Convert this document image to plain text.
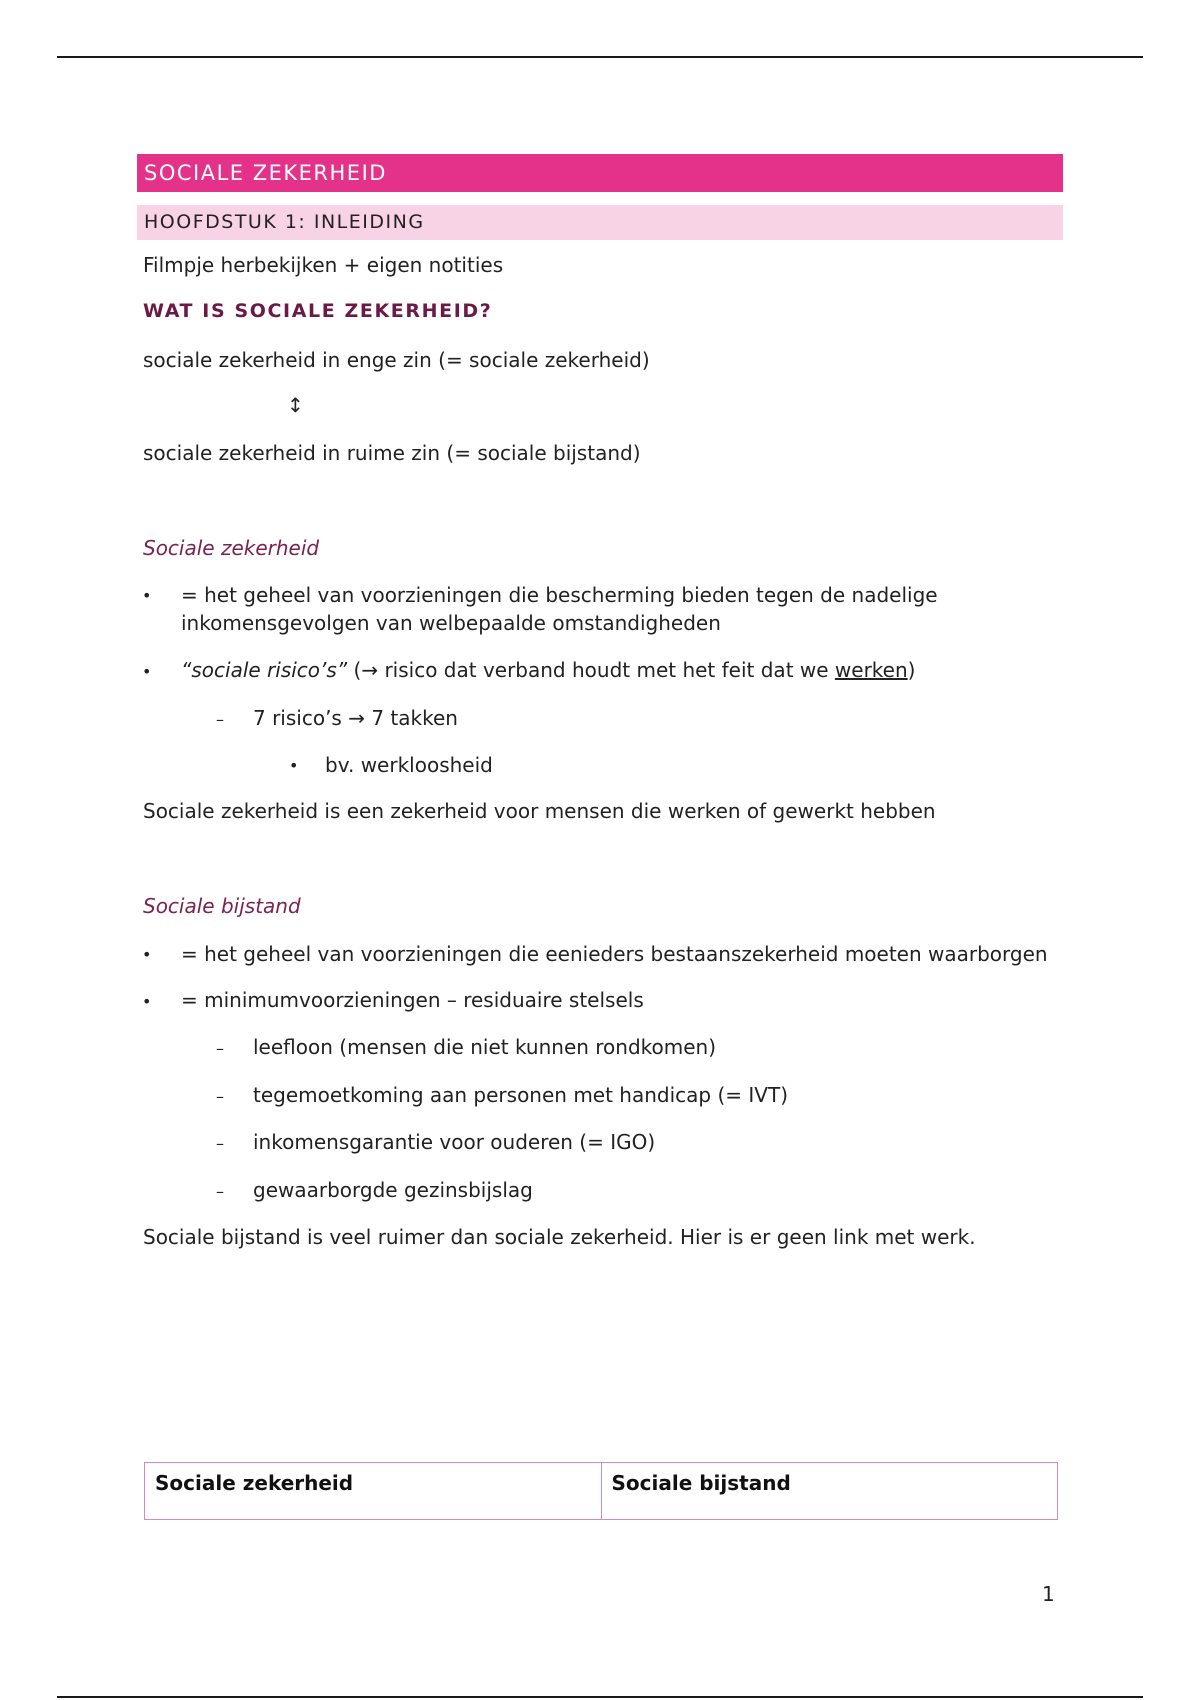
SOCIALE ZEKERHEID
HOOFDSTUK 1: INLEIDING
Filmpje herbekijken + eigen notities
WAT IS SOCIALE ZEKERHEID?
sociale zekerheid in enge zin (= sociale zekerheid)
↕
sociale zekerheid in ruime zin (= sociale bijstand)
Sociale zekerheid
• = het geheel van voorzieningen die bescherming bieden tegen de nadelige
inkomensgevolgen van welbepaalde omstandigheden
• “sociale risico’s” (→ risico dat verband houdt met het feit dat we werken)
– 7 risico’s → 7 takken
• bv. werkloosheid
Sociale zekerheid is een zekerheid voor mensen die werken of gewerkt hebben
Sociale bijstand
• = het geheel van voorzieningen die eenieders bestaanszekerheid moeten waarborgen
• = minimumvoorzieningen – residuaire stelsels
– leefloon (mensen die niet kunnen rondkomen)
– tegemoetkoming aan personen met handicap (= IVT)
– inkomensgarantie voor ouderen (= IGO)
– gewaarborgde gezinsbijslag
Sociale bijstand is veel ruimer dan sociale zekerheid. Hier is er geen link met werk.
Sociale zekerheid	Sociale bijstand
1
